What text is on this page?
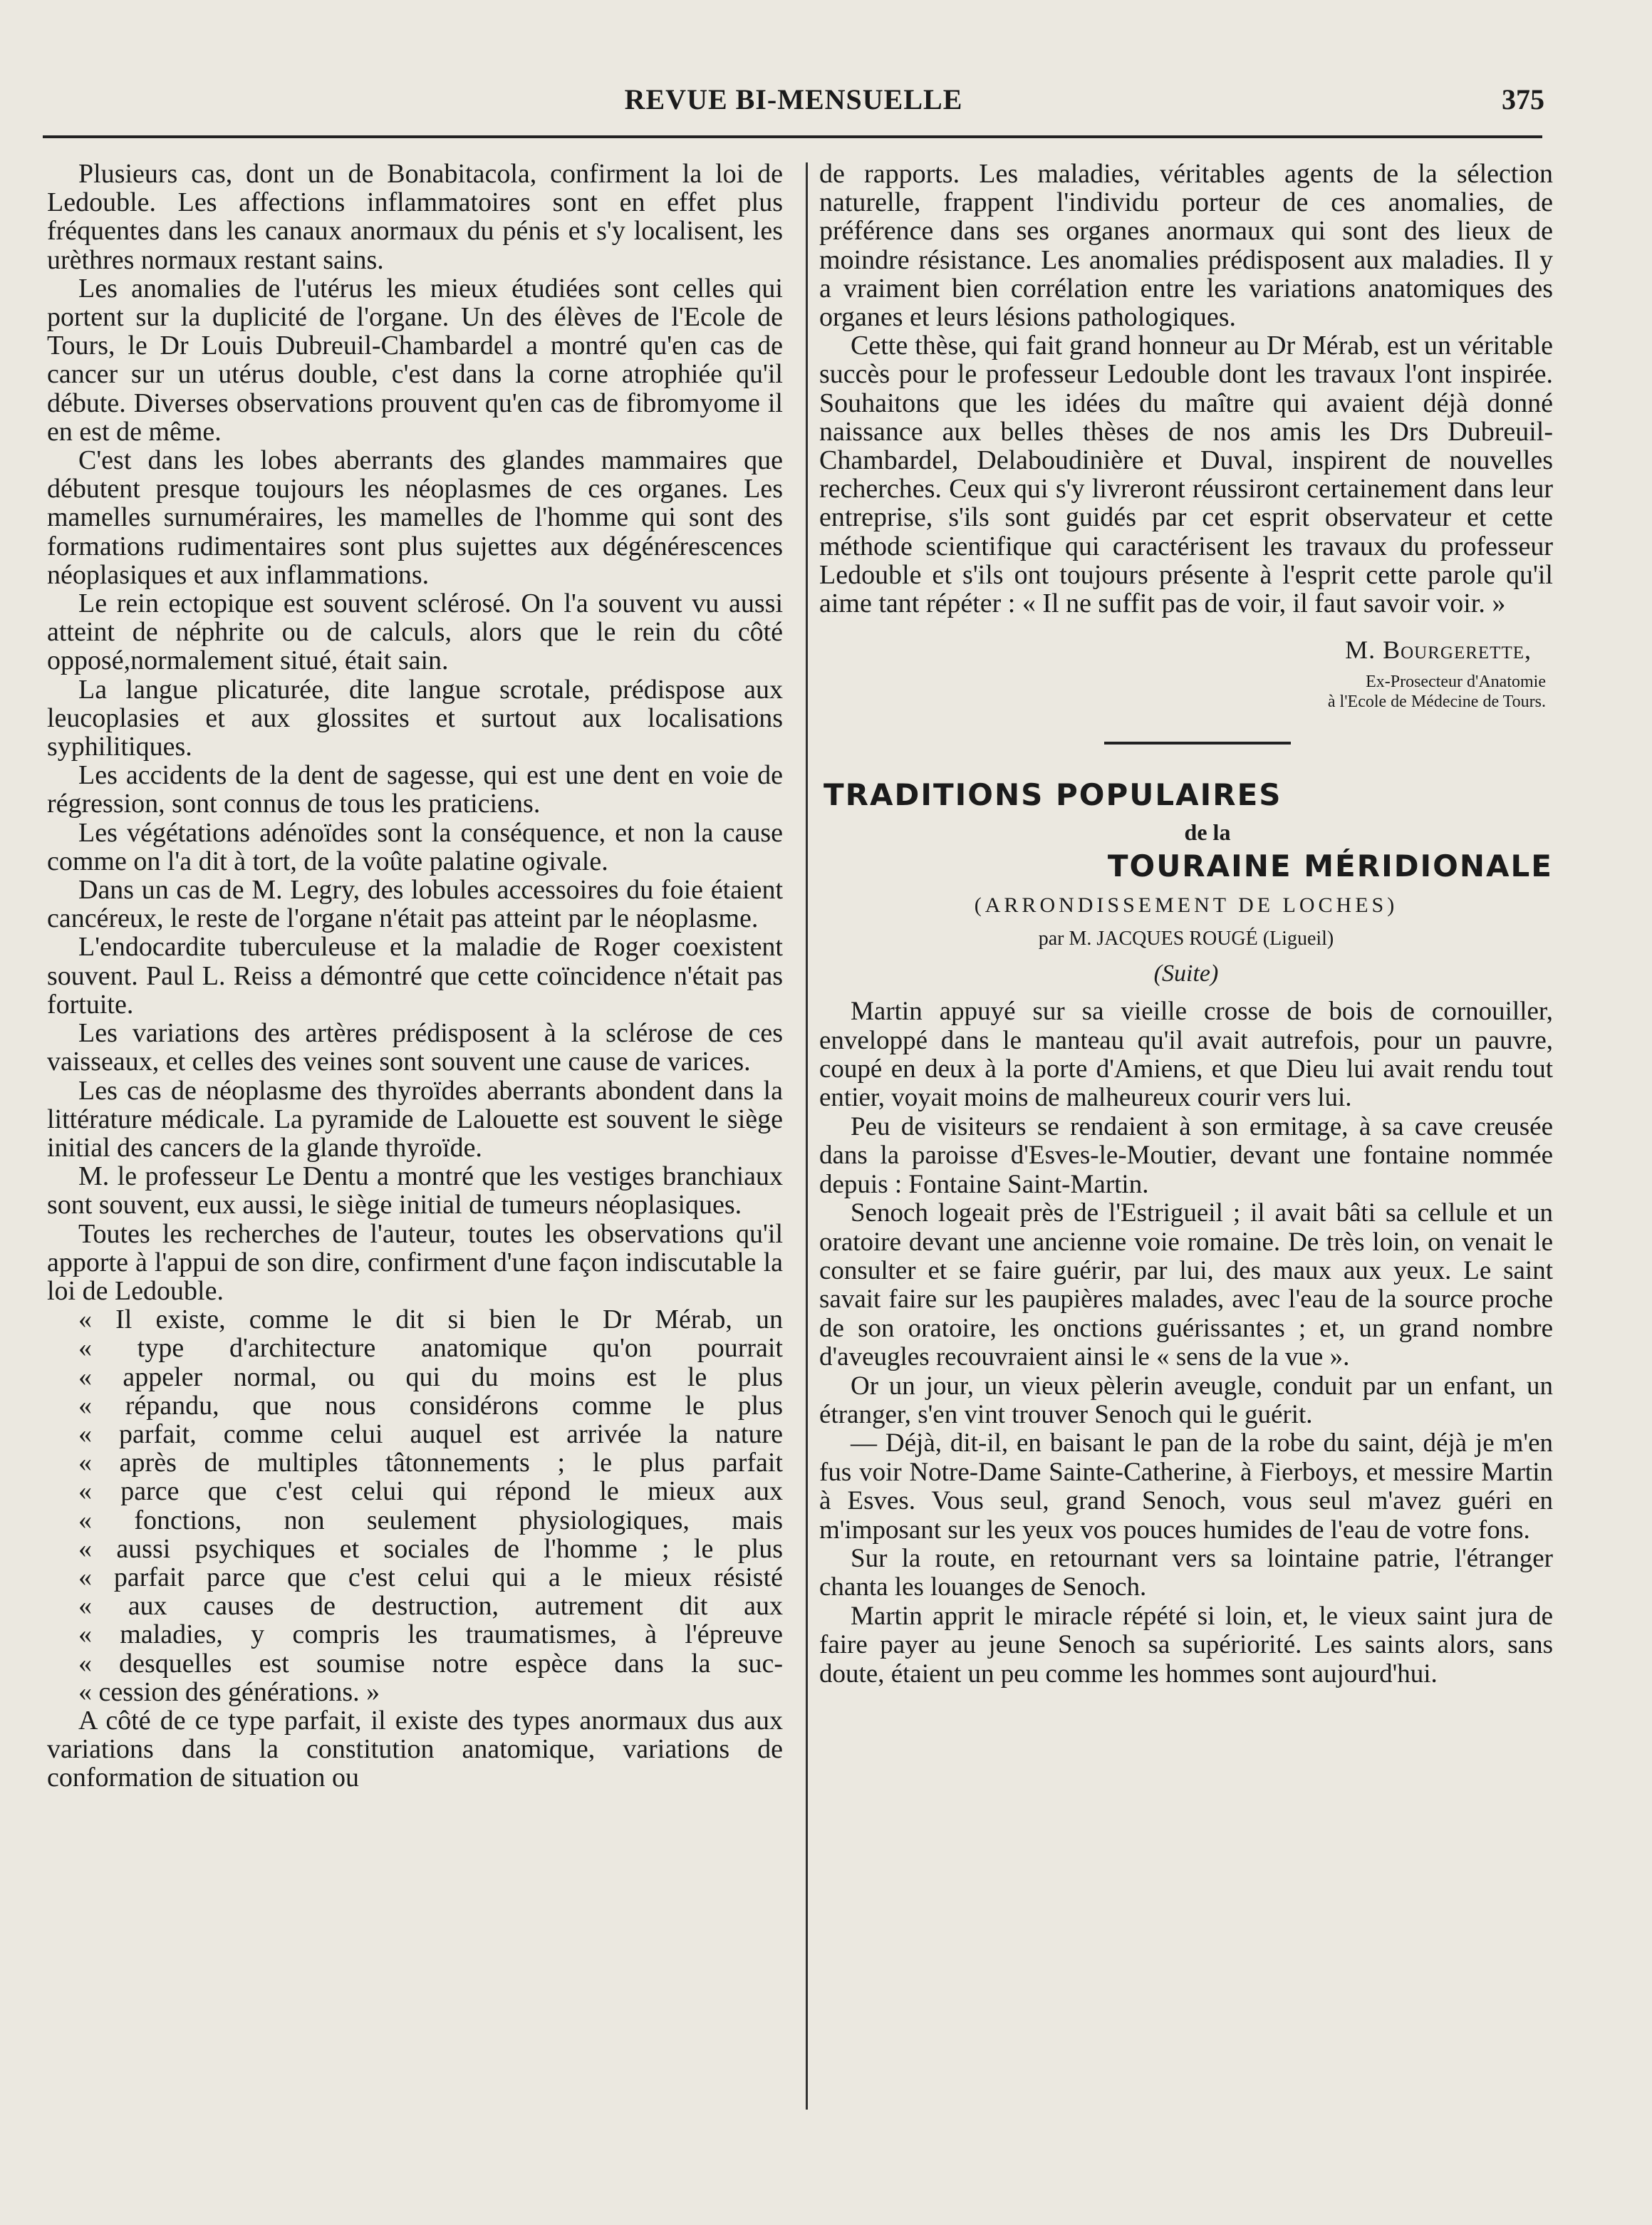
REVUE BI-MENSUELLE	375

Plusieurs cas, dont un de Bonabitacola, confirment la loi de Ledouble. Les affections inflammatoires sont en effet plus fréquentes dans les canaux anormaux du pénis et s'y localisent, les urèthres normaux restant sains.

Les anomalies de l'utérus les mieux étudiées sont celles qui portent sur la duplicité de l'organe. Un des élèves de l'Ecole de Tours, le Dr Louis Dubreuil-Chambardel a montré qu'en cas de cancer sur un utérus double, c'est dans la corne atrophiée qu'il débute. Diverses observations prouvent qu'en cas de fibromyome il en est de même.

C'est dans les lobes aberrants des glandes mammaires que débutent presque toujours les néoplasmes de ces organes. Les mamelles surnuméraires, les mamelles de l'homme qui sont des formations rudimentaires sont plus sujettes aux dégénérescences néoplasiques et aux inflammations.

Le rein ectopique est souvent sclérosé. On l'a souvent vu aussi atteint de néphrite ou de calculs, alors que le rein du côté opposé,normalement situé, était sain.

La langue plicaturée, dite langue scrotale, prédispose aux leucoplasies et aux glossites et surtout aux localisations syphilitiques.

Les accidents de la dent de sagesse, qui est une dent en voie de régression, sont connus de tous les praticiens.

Les végétations adénoïdes sont la conséquence, et non la cause comme on l'a dit à tort, de la voûte palatine ogivale.

Dans un cas de M. Legry, des lobules accessoires du foie étaient cancéreux, le reste de l'organe n'était pas atteint par le néoplasme.

L'endocardite tuberculeuse et la maladie de Roger coexistent souvent. Paul L. Reiss a démontré que cette coïncidence n'était pas fortuite.

Les variations des artères prédisposent à la sclérose de ces vaisseaux, et celles des veines sont souvent une cause de varices.

Les cas de néoplasme des thyroïdes aberrants abondent dans la littérature médicale. La pyramide de Lalouette est souvent le siège initial des cancers de la glande thyroïde.

M. le professeur Le Dentu a montré que les vestiges branchiaux sont souvent, eux aussi, le siège initial de tumeurs néoplasiques.

Toutes les recherches de l'auteur, toutes les observations qu'il apporte à l'appui de son dire, confirment d'une façon indiscutable la loi de Ledouble.

« Il existe, comme le dit si bien le Dr Mérab, un
« type d'architecture anatomique qu'on pourrait
« appeler normal, ou qui du moins est le plus
« répandu, que nous considérons comme le plus
« parfait, comme celui auquel est arrivée la nature
« après de multiples tâtonnements ; le plus parfait
« parce que c'est celui qui répond le mieux aux
« fonctions, non seulement physiologiques, mais
« aussi psychiques et sociales de l'homme ; le plus
« parfait parce que c'est celui qui a le mieux résisté
« aux causes de destruction, autrement dit aux
« maladies, y compris les traumatismes, à l'épreuve
« desquelles est soumise notre espèce dans la suc-
« cession des générations. »

A côté de ce type parfait, il existe des types anormaux dus aux variations dans la constitution anatomique, variations de conformation de situation ou

de rapports. Les maladies, véritables agents de la sélection naturelle, frappent l'individu porteur de ces anomalies, de préférence dans ses organes anormaux qui sont des lieux de moindre résistance. Les anomalies prédisposent aux maladies. Il y a vraiment bien corrélation entre les variations anatomiques des organes et leurs lésions pathologiques.

Cette thèse, qui fait grand honneur au Dr Mérab, est un véritable succès pour le professeur Ledouble dont les travaux l'ont inspirée. Souhaitons que les idées du maître qui avaient déjà donné naissance aux belles thèses de nos amis les Drs Dubreuil-Chambardel, Delaboudinière et Duval, inspirent de nouvelles recherches. Ceux qui s'y livreront réussiront certainement dans leur entreprise, s'ils sont guidés par cet esprit observateur et cette méthode scientifique qui caractérisent les travaux du professeur Ledouble et s'ils ont toujours présente à l'esprit cette parole qu'il aime tant répéter : « Il ne suffit pas de voir, il faut savoir voir. »

M. Bourgerette,
Ex-Prosecteur d'Anatomie
à l'Ecole de Médecine de Tours.
TRADITIONS POPULAIRES
de la
TOURAINE MÉRIDIONALE
(ARRONDISSEMENT DE LOCHES)
par M. JACQUES ROUGÉ (Ligueil)
(Suite)

Martin appuyé sur sa vieille crosse de bois de cornouiller, enveloppé dans le manteau qu'il avait autrefois, pour un pauvre, coupé en deux à la porte d'Amiens, et que Dieu lui avait rendu tout entier, voyait moins de malheureux courir vers lui.

Peu de visiteurs se rendaient à son ermitage, à sa cave creusée dans la paroisse d'Esves-le-Moutier, devant une fontaine nommée depuis : Fontaine Saint-Martin.

Senoch logeait près de l'Estrigueil ; il avait bâti sa cellule et un oratoire devant une ancienne voie romaine. De très loin, on venait le consulter et se faire guérir, par lui, des maux aux yeux. Le saint savait faire sur les paupières malades, avec l'eau de la source proche de son oratoire, les onctions guérissantes ; et, un grand nombre d'aveugles recouvraient ainsi le « sens de la vue ».

Or un jour, un vieux pèlerin aveugle, conduit par un enfant, un étranger, s'en vint trouver Senoch qui le guérit.

— Déjà, dit-il, en baisant le pan de la robe du saint, déjà je m'en fus voir Notre-Dame Sainte-Catherine, à Fierboys, et messire Martin à Esves. Vous seul, grand Senoch, vous seul m'avez guéri en m'imposant sur les yeux vos pouces humides de l'eau de votre fons.

Sur la route, en retournant vers sa lointaine patrie, l'étranger chanta les louanges de Senoch.

Martin apprit le miracle répété si loin, et, le vieux saint jura de faire payer au jeune Senoch sa supériorité. Les saints alors, sans doute, étaient un peu comme les hommes sont aujourd'hui.
